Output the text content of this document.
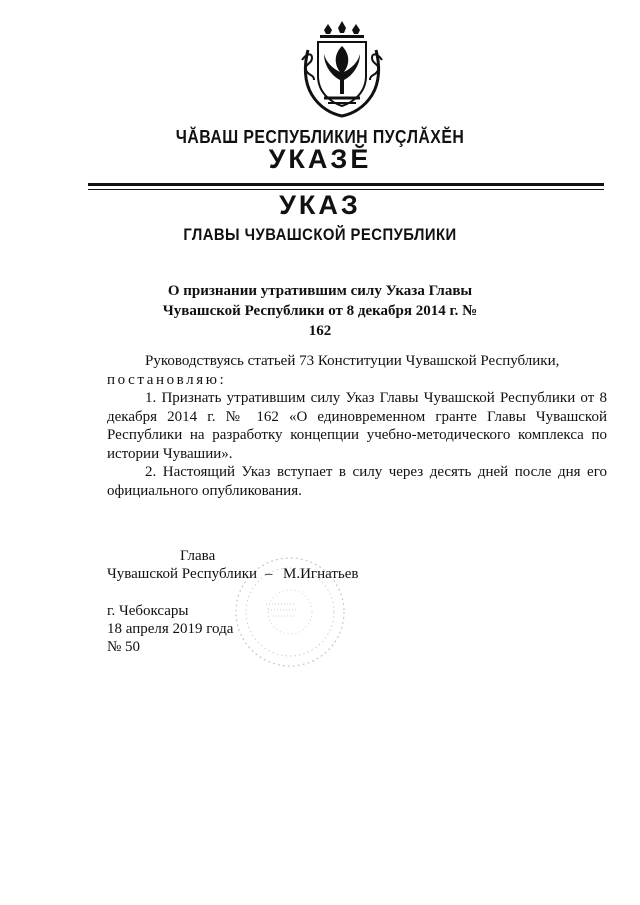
ЧĂВАШ РЕСПУБЛИКИН ПУÇЛĂХĔН
УКАЗĔ
УКАЗ
ГЛАВЫ ЧУВАШСКОЙ РЕСПУБЛИКИ
О признании утратившим силу Указа Главы
Чувашской Республики от 8 декабря 2014 г. № 162

Руководствуясь статьей 73 Конституции Чувашской Республики,

постановляю:

1. Признать утратившим силу Указ Главы Чувашской Республики от 8 декабря 2014 г. № 162 «О единовременном гранте Главы Чувашской Республики на разработку концепции учебно-методического комплекса по истории Чувашии».

2. Настоящий Указ вступает в силу через десять дней после дня его официального опубликования.

Глава
Чувашской Республики – М.Игнатьев
г. Чебоксары
18 апреля 2019 года
№ 50
